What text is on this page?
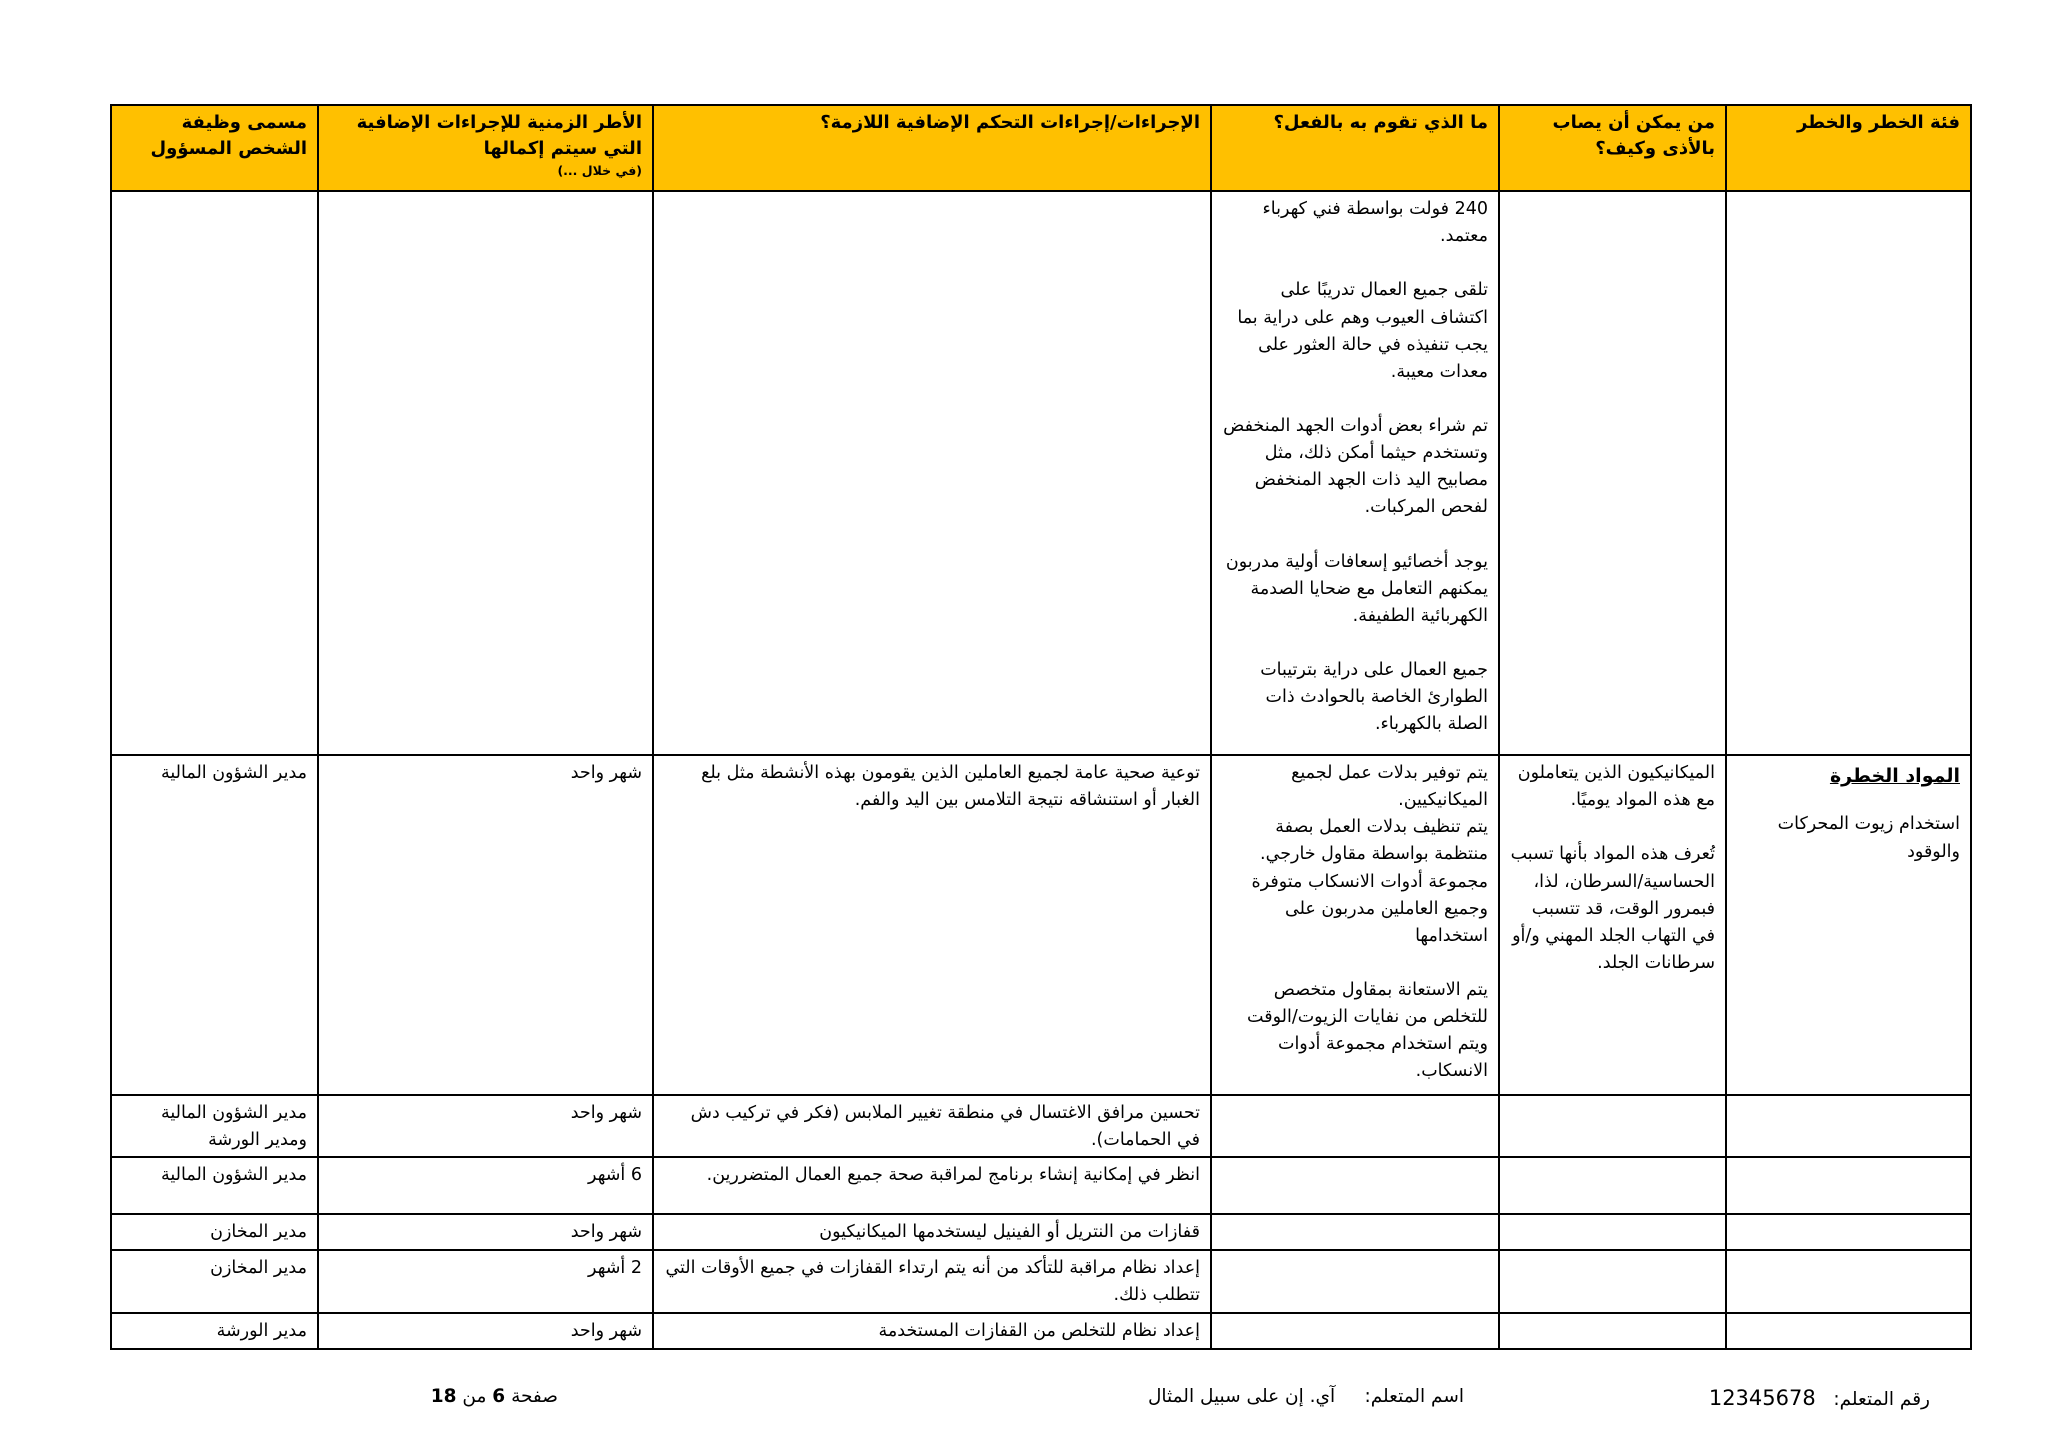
فئة الخطر والخطر	من يمكن أن يصاب بالأذى وكيف؟	ما الذي تقوم به بالفعل؟	الإجراءات/إجراءات التحكم الإضافية اللازمة؟	الأطر الزمنية للإجراءات الإضافية التي سيتم إكمالها
(في خلال ...)	مسمى وظيفة الشخص المسؤول

		240 فولت بواسطة فني كهرباء معتمد.

تلقى جميع العمال تدريبًا على اكتشاف العيوب وهم على دراية بما يجب تنفيذه في حالة العثور على معدات معيبة.

تم شراء بعض أدوات الجهد المنخفض وتستخدم حيثما أمكن ذلك، مثل مصابيح اليد ذات الجهد المنخفض لفحص المركبات.

يوجد أخصائيو إسعافات أولية مدربون يمكنهم التعامل مع ضحايا الصدمة الكهربائية الطفيفة.

جميع العمال على دراية بترتيبات الطوارئ الخاصة بالحوادث ذات الصلة بالكهرباء.			

المواد الخطرة
استخدام زيوت المحركات والوقود	الميكانيكيون الذين يتعاملون مع هذه المواد يوميًا.

تُعرف هذه المواد بأنها تسبب الحساسية/السرطان، لذا، فبمرور الوقت، قد تتسبب في التهاب الجلد المهني و/أو سرطانات الجلد.	يتم توفير بدلات عمل لجميع الميكانيكيين.
يتم تنظيف بدلات العمل بصفة منتظمة بواسطة مقاول خارجي.
مجموعة أدوات الانسكاب متوفرة وجميع العاملين مدربون على استخدامها

يتم الاستعانة بمقاول متخصص للتخلص من نفايات الزيوت/الوقت ويتم استخدام مجموعة أدوات الانسكاب.	توعية صحية عامة لجميع العاملين الذين يقومون بهذه الأنشطة مثل بلع الغبار أو استنشاقه نتيجة التلامس بين اليد والفم.	شهر واحد	مدير الشؤون المالية

			تحسين مرافق الاغتسال في منطقة تغيير الملابس (فكر في تركيب دش في الحمامات).	شهر واحد	مدير الشؤون المالية ومدير الورشة

			انظر في إمكانية إنشاء برنامج لمراقبة صحة جميع العمال المتضررين.	6 أشهر	مدير الشؤون المالية

			قفازات من النتريل أو الفينيل ليستخدمها الميكانيكيون	شهر واحد	مدير المخازن

			إعداد نظام مراقبة للتأكد من أنه يتم ارتداء القفازات في جميع الأوقات التي تتطلب ذلك.	2 أشهر	مدير المخازن

			إعداد نظام للتخلص من القفازات المستخدمة	شهر واحد	مدير الورشة
رقم المتعلم:   12345678
اسم المتعلم:     آي. إن على سبيل المثال
صفحة 6 من 18
